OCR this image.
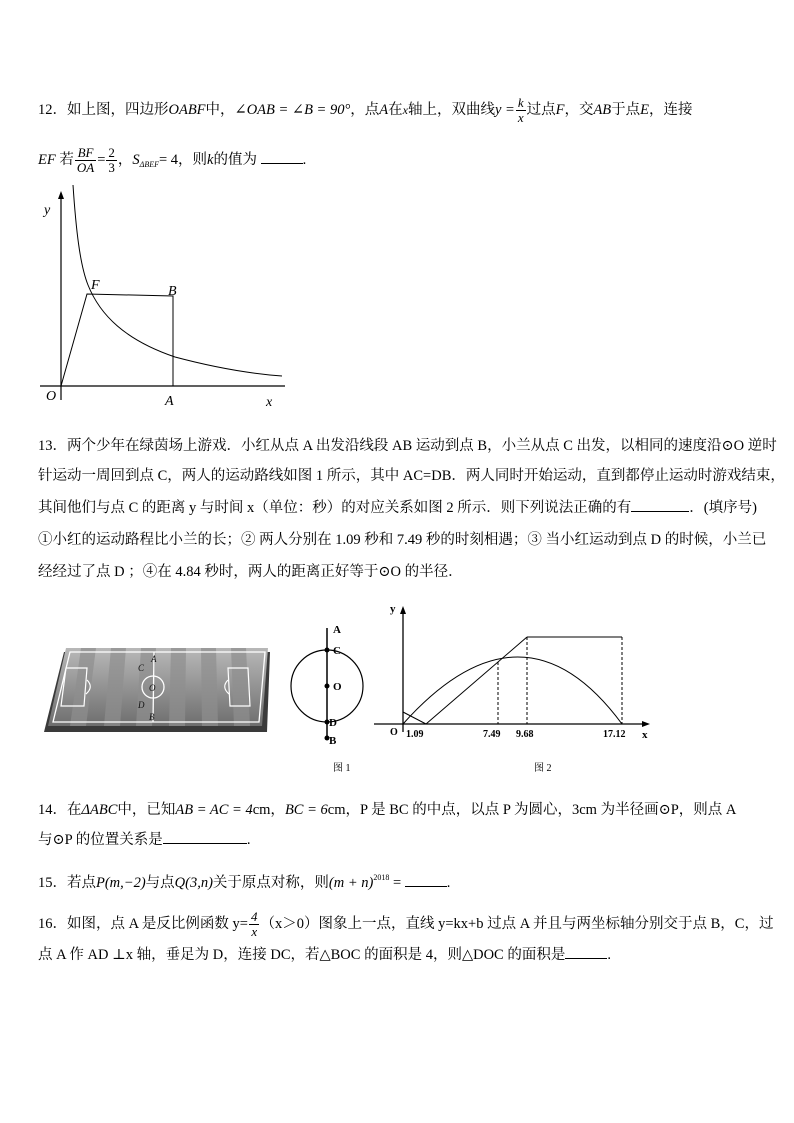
12．如上图，四边形OABF中，∠OAB = ∠B = 90°，点A在x轴上，双曲线$y = \frac{k}{x}$ 过点F，交AB于点E，连接
EF 若 $\frac{BF}{OA} = \frac{2}{3}$ ，$S_{\Delta BEF}= 4$，则k的值为	.
y
x
O	A
F	B
13．两个少年在绿茵场上游戏．小红从点 A 出发沿线段 AB 运动到点 B，小兰从点 C 出发，以相同的速度沿⊙O 逆时
针运动一周回到点 C，两人的运动路线如图 1 所示，其中 AC=DB．两人同时开始运动，直到都停止运动时游戏结束，
其间他们与点 C 的距离 y 与时间 x（单位：秒）的对应关系如图 2 所示．则下列说法正确的有	．(填序号)
①小红的运动路程比小兰的长；② 两人分别在 1.09 秒和 7.49 秒的时刻相遇；③ 当小红运动到点 D 的时候，小兰已
经经过了点 D ；④在 4.84 秒时，两人的距离正好等于⊙O 的半径．
C
O
D
A
B
A
C
O
D
B
图 1
y
x
O 1.09	7.49 9.68	17.12
图 2
14．在ΔABC中，已知AB = AC = 4cm，BC = 6cm，P 是 BC 的中点，以点 P 为圆心，3cm 为半径画⊙P，则点 A
与⊙P 的位置关系是	.
15．若点P(m,−2)与点Q(3,n)关于原点对称，则$(m + n)^{2018}$ =	.
16．如图，点 A 是反比例函数 $y= \frac{4}{x} (x>0)$图象上一点，直线 y=kx+b 过点 A 并且与两坐标轴分别交于点 B，C，过
点 A 作 AD ⊥x 轴，垂足为 D，连接 DC，若△BOC 的面积是 4，则△DOC 的面积是	.
